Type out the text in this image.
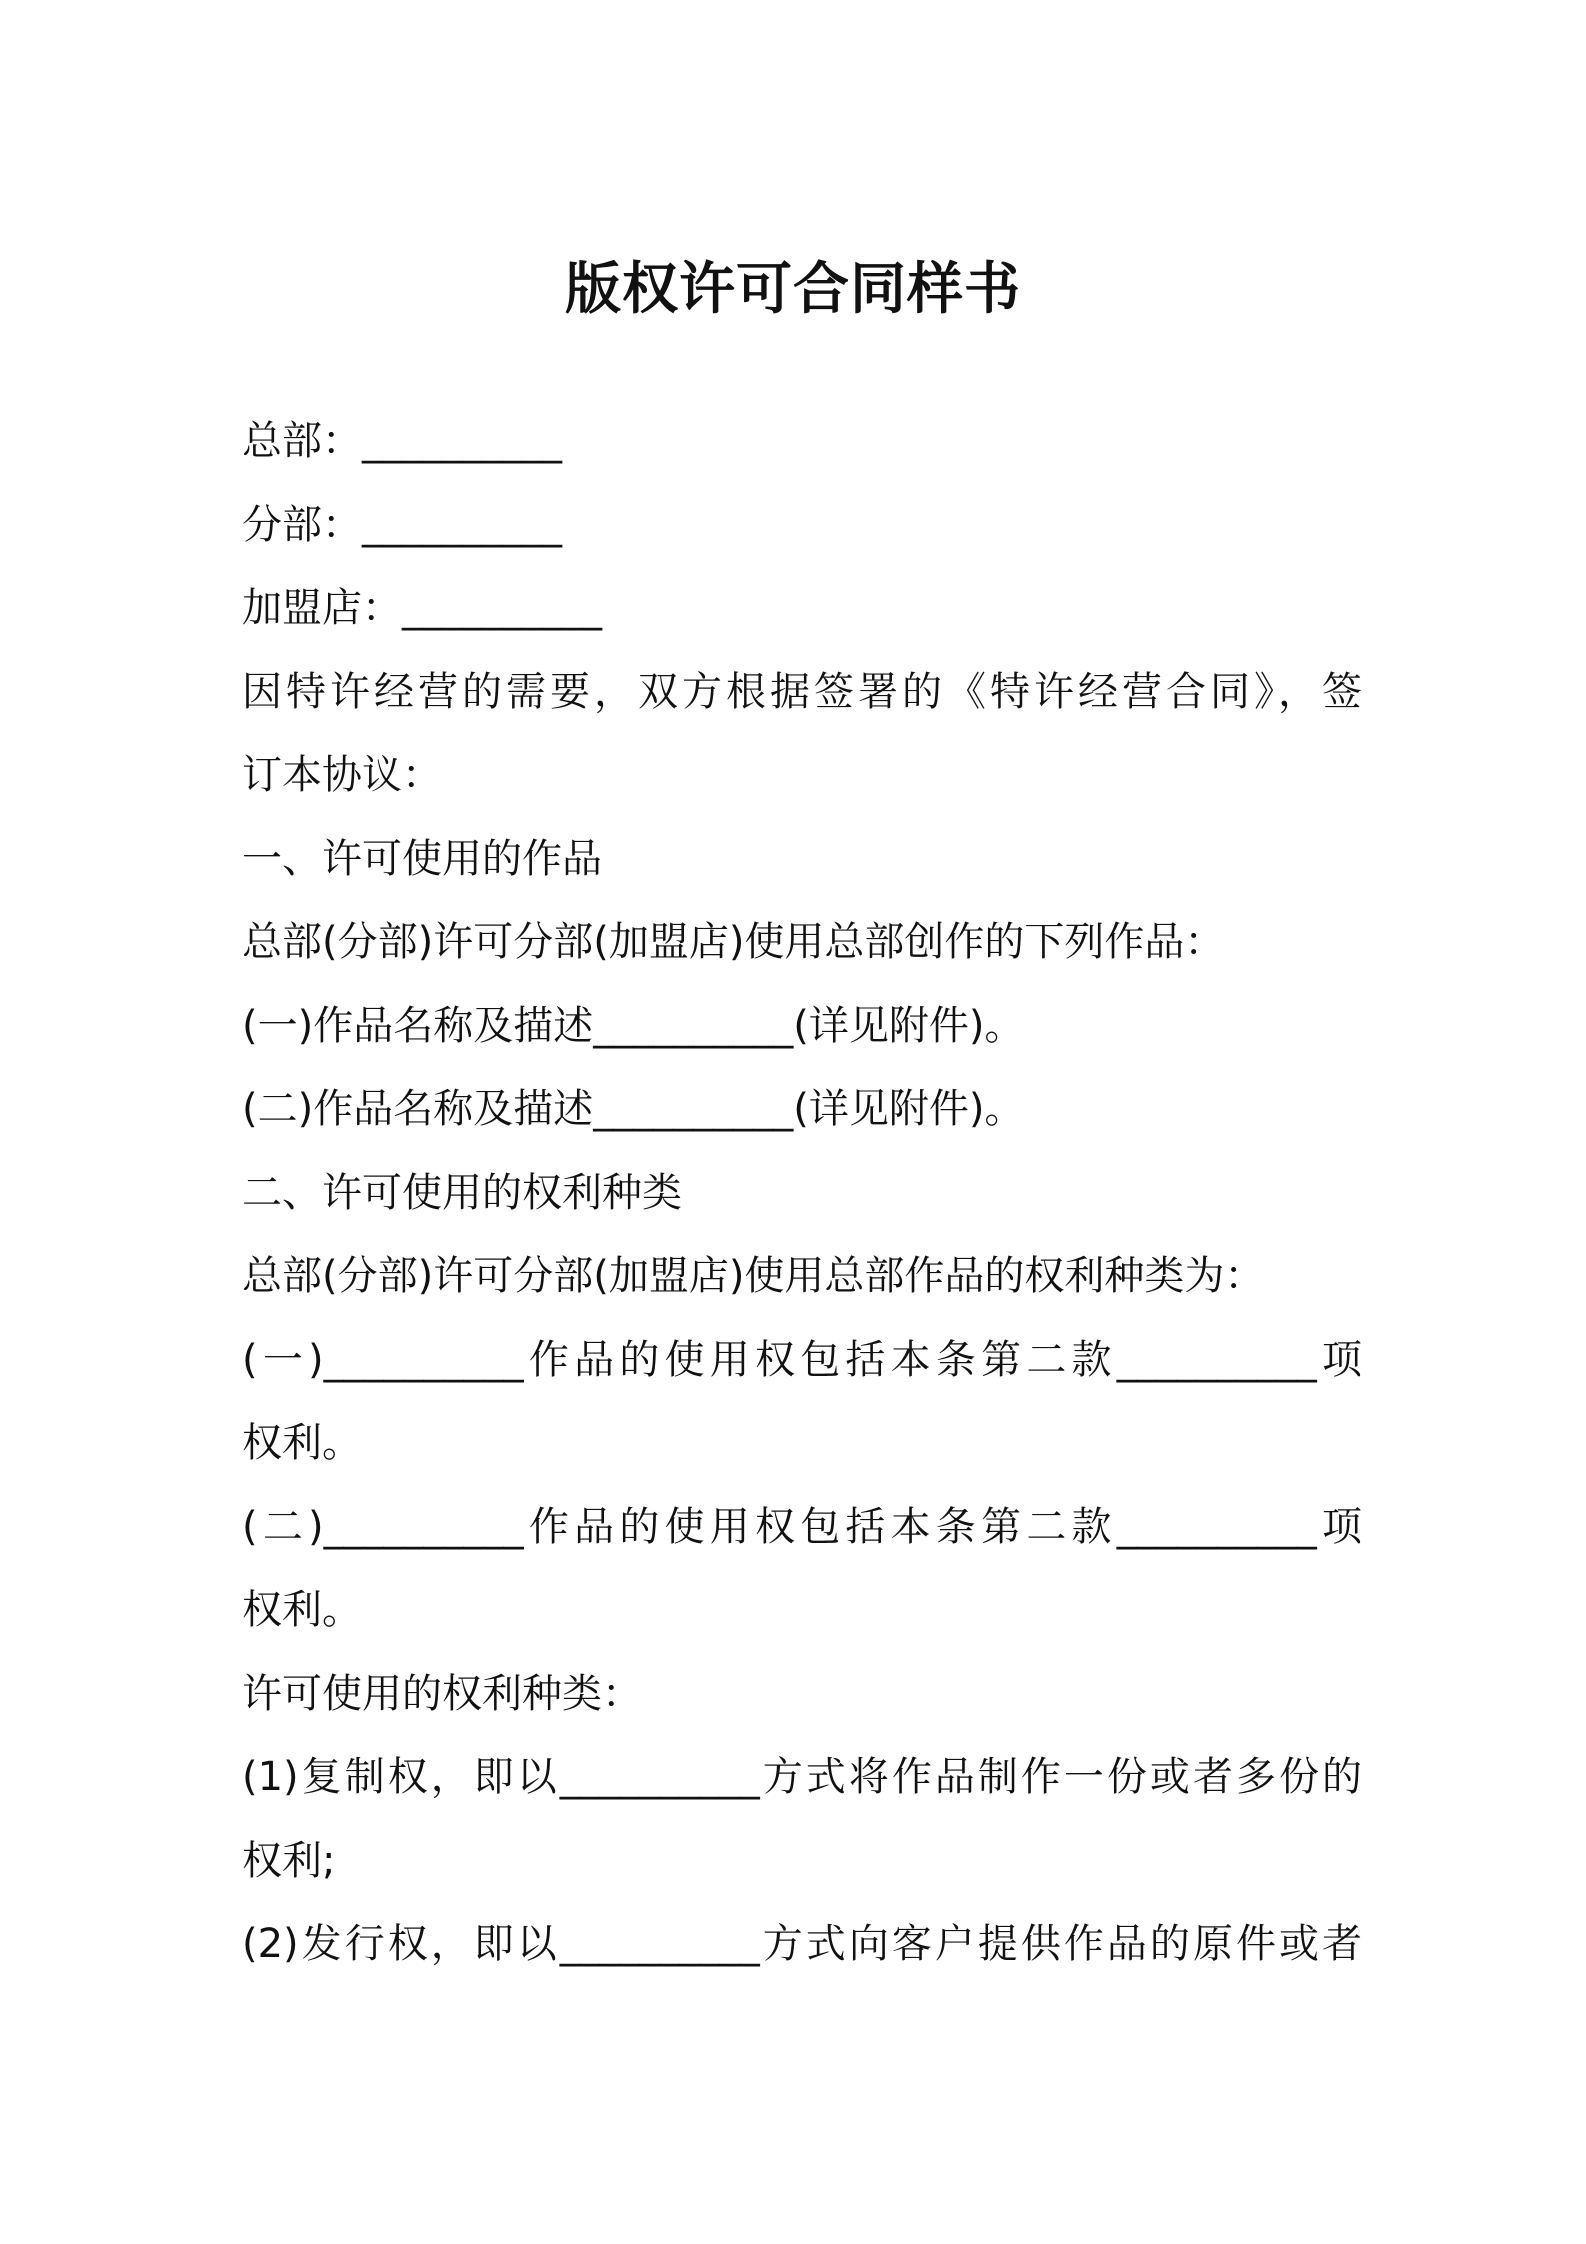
版权许可合同样书
总部：__________
分部：__________
加盟店：__________
因特许经营的需要，双方根据签署的《特许经营合同》，签
订本协议：
一、许可使用的作品
总部(分部)许可分部(加盟店)使用总部创作的下列作品：
(一)作品名称及描述__________(详见附件)。
(二)作品名称及描述__________(详见附件)。
二、许可使用的权利种类
总部(分部)许可分部(加盟店)使用总部作品的权利种类为：
(一)__________作品的使用权包括本条第二款__________项
权利。
(二)__________作品的使用权包括本条第二款__________项
权利。
许可使用的权利种类：
(1)复制权，即以__________方式将作品制作一份或者多份的
权利;
(2)发行权，即以__________方式向客户提供作品的原件或者
